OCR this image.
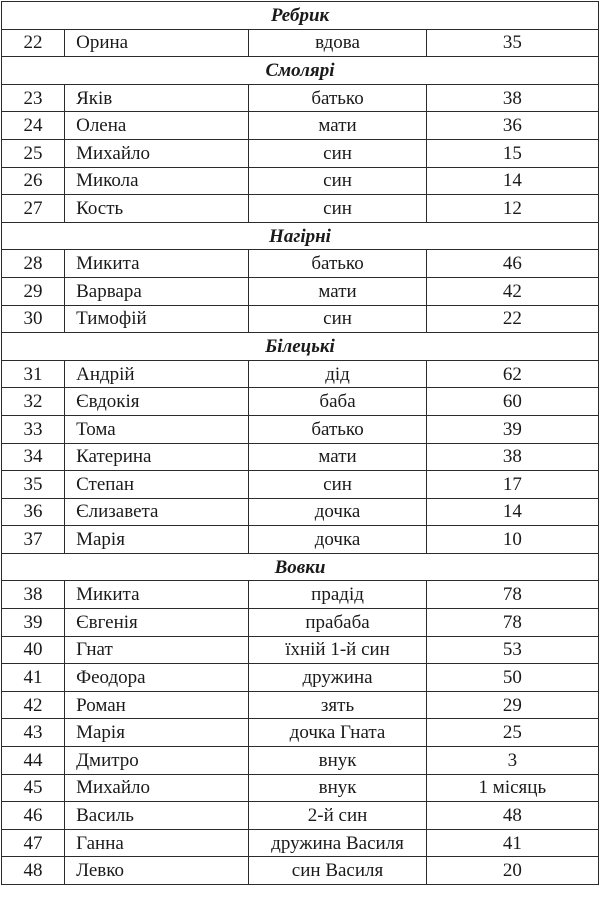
Ребрик			
22	Орина	вдова	35
Смолярі			
23	Яків	батько	38
24	Олена	мати	36
25	Михайло	син	15
26	Микола	син	14
27	Кость	син	12
Нагірні			
28	Микита	батько	46
29	Варвара	мати	42
30	Тимофій	син	22
Білецькі			
31	Андрій	дід	62
32	Євдокія	баба	60
33	Тома	батько	39
34	Катерина	мати	38
35	Степан	син	17
36	Єлизавета	дочка	14
37	Марія	дочка	10
Вовки			
38	Микита	прадід	78
39	Євгенія	прабаба	78
40	Гнат	їхній 1-й син	53
41	Феодора	дружина	50
42	Роман	зять	29
43	Марія	дочка Гната	25
44	Дмитро	внук	3
45	Михайло	внук	1 місяць
46	Василь	2-й син	48
47	Ганна	дружина Василя	41
48	Левко	син Василя	20
